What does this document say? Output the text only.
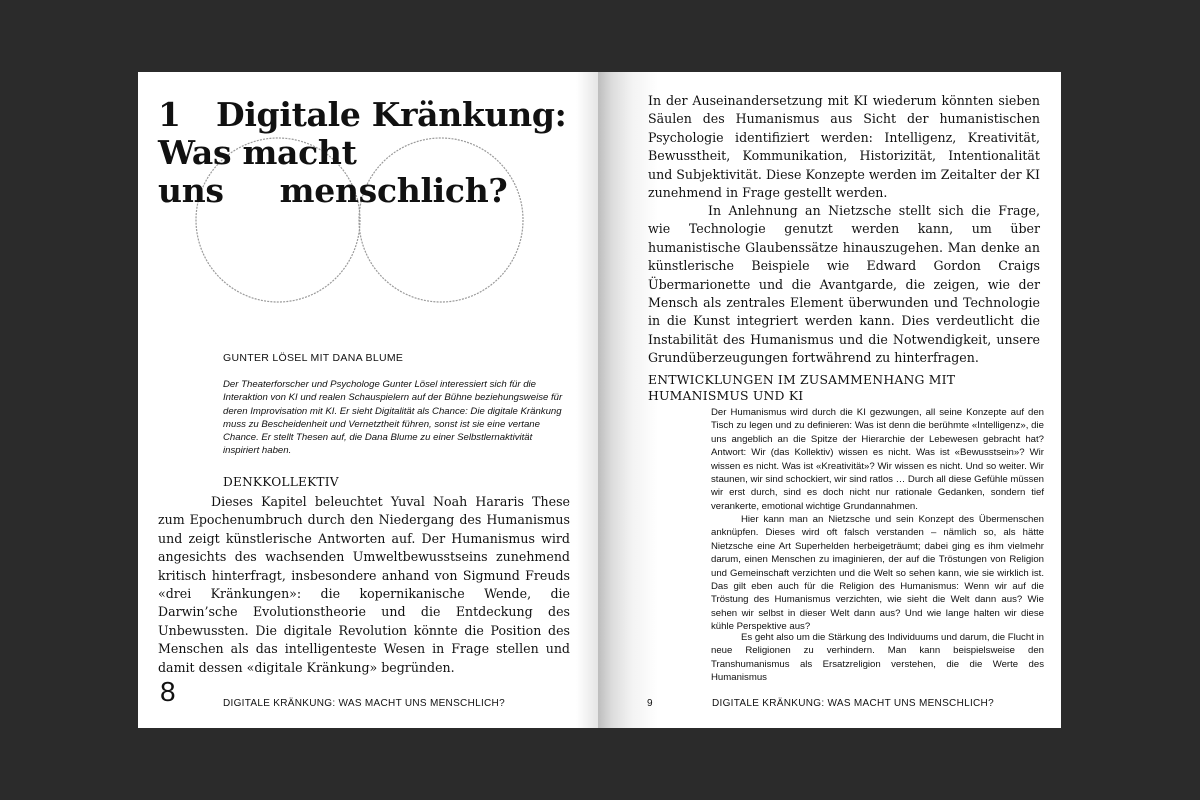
1 Digitale Kränkung:
Was macht
uns menschlich?
GUNTER LÖSEL MIT DANA BLUME

Der Theaterforscher und Psychologe Gunter Lösel interessiert sich für die Interaktion von KI und realen Schauspielern auf der Bühne beziehungsweise für deren Improvisation mit KI. Er sieht Digitalität als Chance: Die digitale Kränkung muss zu Bescheidenheit und Vernetztheit führen, sonst ist sie eine vertane Chance. Er stellt Thesen auf, die Dana Blume zu einer Selbstlernaktivität inspiriert haben.

DENKKOLLEKTIV

Dieses Kapitel beleuchtet Yuval Noah Hararis These zum Epochenumbruch durch den Niedergang des Humanismus und zeigt künstlerische Antworten auf. Der Humanismus wird angesichts des wachsenden Umweltbewusstseins zunehmend kritisch hinterfragt, insbesondere anhand von Sigmund Freuds «drei Kränkungen»: die kopernikanische Wende, die Darwin’sche Evolutionstheorie und die Entdeckung des Unbewussten. Die digitale Revolution könnte die Position des Menschen als das intelligenteste Wesen in Frage stellen und damit dessen «digitale Kränkung» begründen.

8	DIGITALE KRÄNKUNG: WAS MACHT UNS MENSCHLICH?

In der Auseinandersetzung mit KI wiederum könnten sieben Säulen des Humanismus aus Sicht der humanistischen Psychologie identifiziert werden: Intelligenz, Kreativität, Bewusstheit, Kommunikation, Historizität, Intentionalität und Subjektivität. Diese Konzepte werden im Zeitalter der KI zunehmend in Frage gestellt werden.

In Anlehnung an Nietzsche stellt sich die Frage, wie Technologie genutzt werden kann, um über humanistische Glaubenssätze hinauszugehen. Man denke an künstlerische Beispiele wie Edward Gordon Craigs Übermarionette und die Avantgarde, die zeigen, wie der Mensch als zentrales Element überwunden und Technologie in die Kunst integriert werden kann. Dies verdeutlicht die Instabilität des Humanismus und die Notwendigkeit, unsere Grundüberzeugungen fortwährend zu hinterfragen.

ENTWICKLUNGEN IM ZUSAMMENHANG MIT HUMANISMUS UND KI

Der Humanismus wird durch die KI gezwungen, all seine Konzepte auf den Tisch zu legen und zu definieren: Was ist denn die berühmte «Intelligenz», die uns angeblich an die Spitze der Hierarchie der Lebewesen gebracht hat? Antwort: Wir (das Kollektiv) wissen es nicht. Was ist «Bewusstsein»? Wir wissen es nicht. Was ist «Kreativität»? Wir wissen es nicht. Und so weiter. Wir staunen, wir sind schockiert, wir sind ratlos … Durch all diese Gefühle müssen wir erst durch, sind es doch nicht nur rationale Gedanken, sondern tief verankerte, emotional wichtige Grundannahmen.

Hier kann man an Nietzsche und sein Konzept des Übermenschen anknüpfen. Dieses wird oft falsch verstanden – nämlich so, als hätte Nietzsche eine Art Superhelden herbeigeträumt; dabei ging es ihm vielmehr darum, einen Menschen zu imaginieren, der auf die Tröstungen von Religion und Gemeinschaft verzichten und die Welt so sehen kann, wie sie wirklich ist. Das gilt eben auch für die Religion des Humanismus: Wenn wir auf die Tröstung des Humanismus verzichten, wie sieht die Welt dann aus? Wie sehen wir selbst in dieser Welt dann aus? Und wie lange halten wir diese kühle Perspektive aus?

Es geht also um die Stärkung des Individuums und darum, die Flucht in neue Religionen zu verhindern. Man kann beispielsweise den Transhumanismus als Ersatzreligion verstehen, die die Werte des Humanismus

9	DIGITALE KRÄNKUNG: WAS MACHT UNS MENSCHLICH?
